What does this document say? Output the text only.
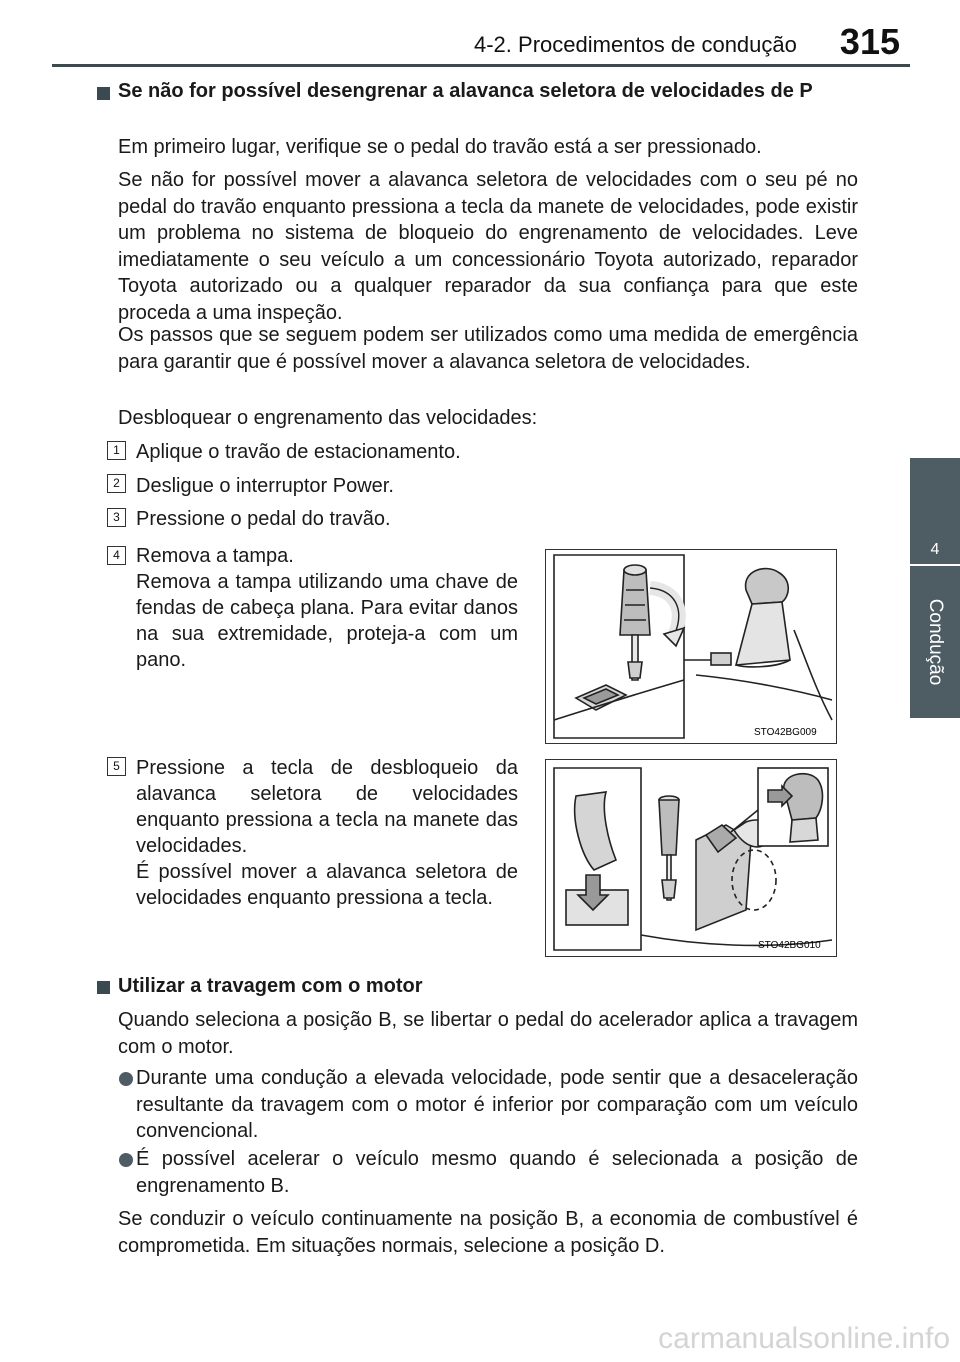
4-2. Procedimentos de condução	315
4
Condução

Se não for possível desengrenar a alavanca seletora de velocidades de P

Em primeiro lugar, verifique se o pedal do travão está a ser pressionado.

Se não for possível mover a alavanca seletora de velocidades com o seu pé no pedal do travão enquanto pressiona a tecla da manete de velocidades, pode existir um problema no sistema de bloqueio do engrenamento de velocidades. Leve imediatamente o seu veículo a um concessionário Toyota autorizado, reparador Toyota autorizado ou a qualquer reparador da sua confiança para que este proceda a uma inspeção.

Os passos que se seguem podem ser utilizados como uma medida de emergência para garantir que é possível mover a alavanca seletora de velocidades.

Desbloquear o engrenamento das velocidades:

1 Aplique o travão de estacionamento.
2 Desligue o interruptor Power.
3 Pressione o pedal do travão.
4 Remova a tampa.
Remova a tampa utilizando uma chave de fendas de cabeça plana. Para evitar danos na sua extremidade, proteja-a com um pano.
STO42BG009
5 Pressione a tecla de desbloqueio da alavanca seletora de velocidades enquanto pressiona a tecla na manete das velocidades.
É possível mover a alavanca seletora de velocidades enquanto pressiona a tecla.
STO42BG010

Utilizar a travagem com o motor

Quando seleciona a posição B, se libertar o pedal do acelerador aplica a travagem com o motor.

Durante uma condução a elevada velocidade, pode sentir que a desaceleração resultante da travagem com o motor é inferior por comparação com um veículo convencional.

É possível acelerar o veículo mesmo quando é selecionada a posição de engrenamento B.

Se conduzir o veículo continuamente na posição B, a economia de combustível é comprometida. Em situações normais, selecione a posição D.

carmanualsonline.info
